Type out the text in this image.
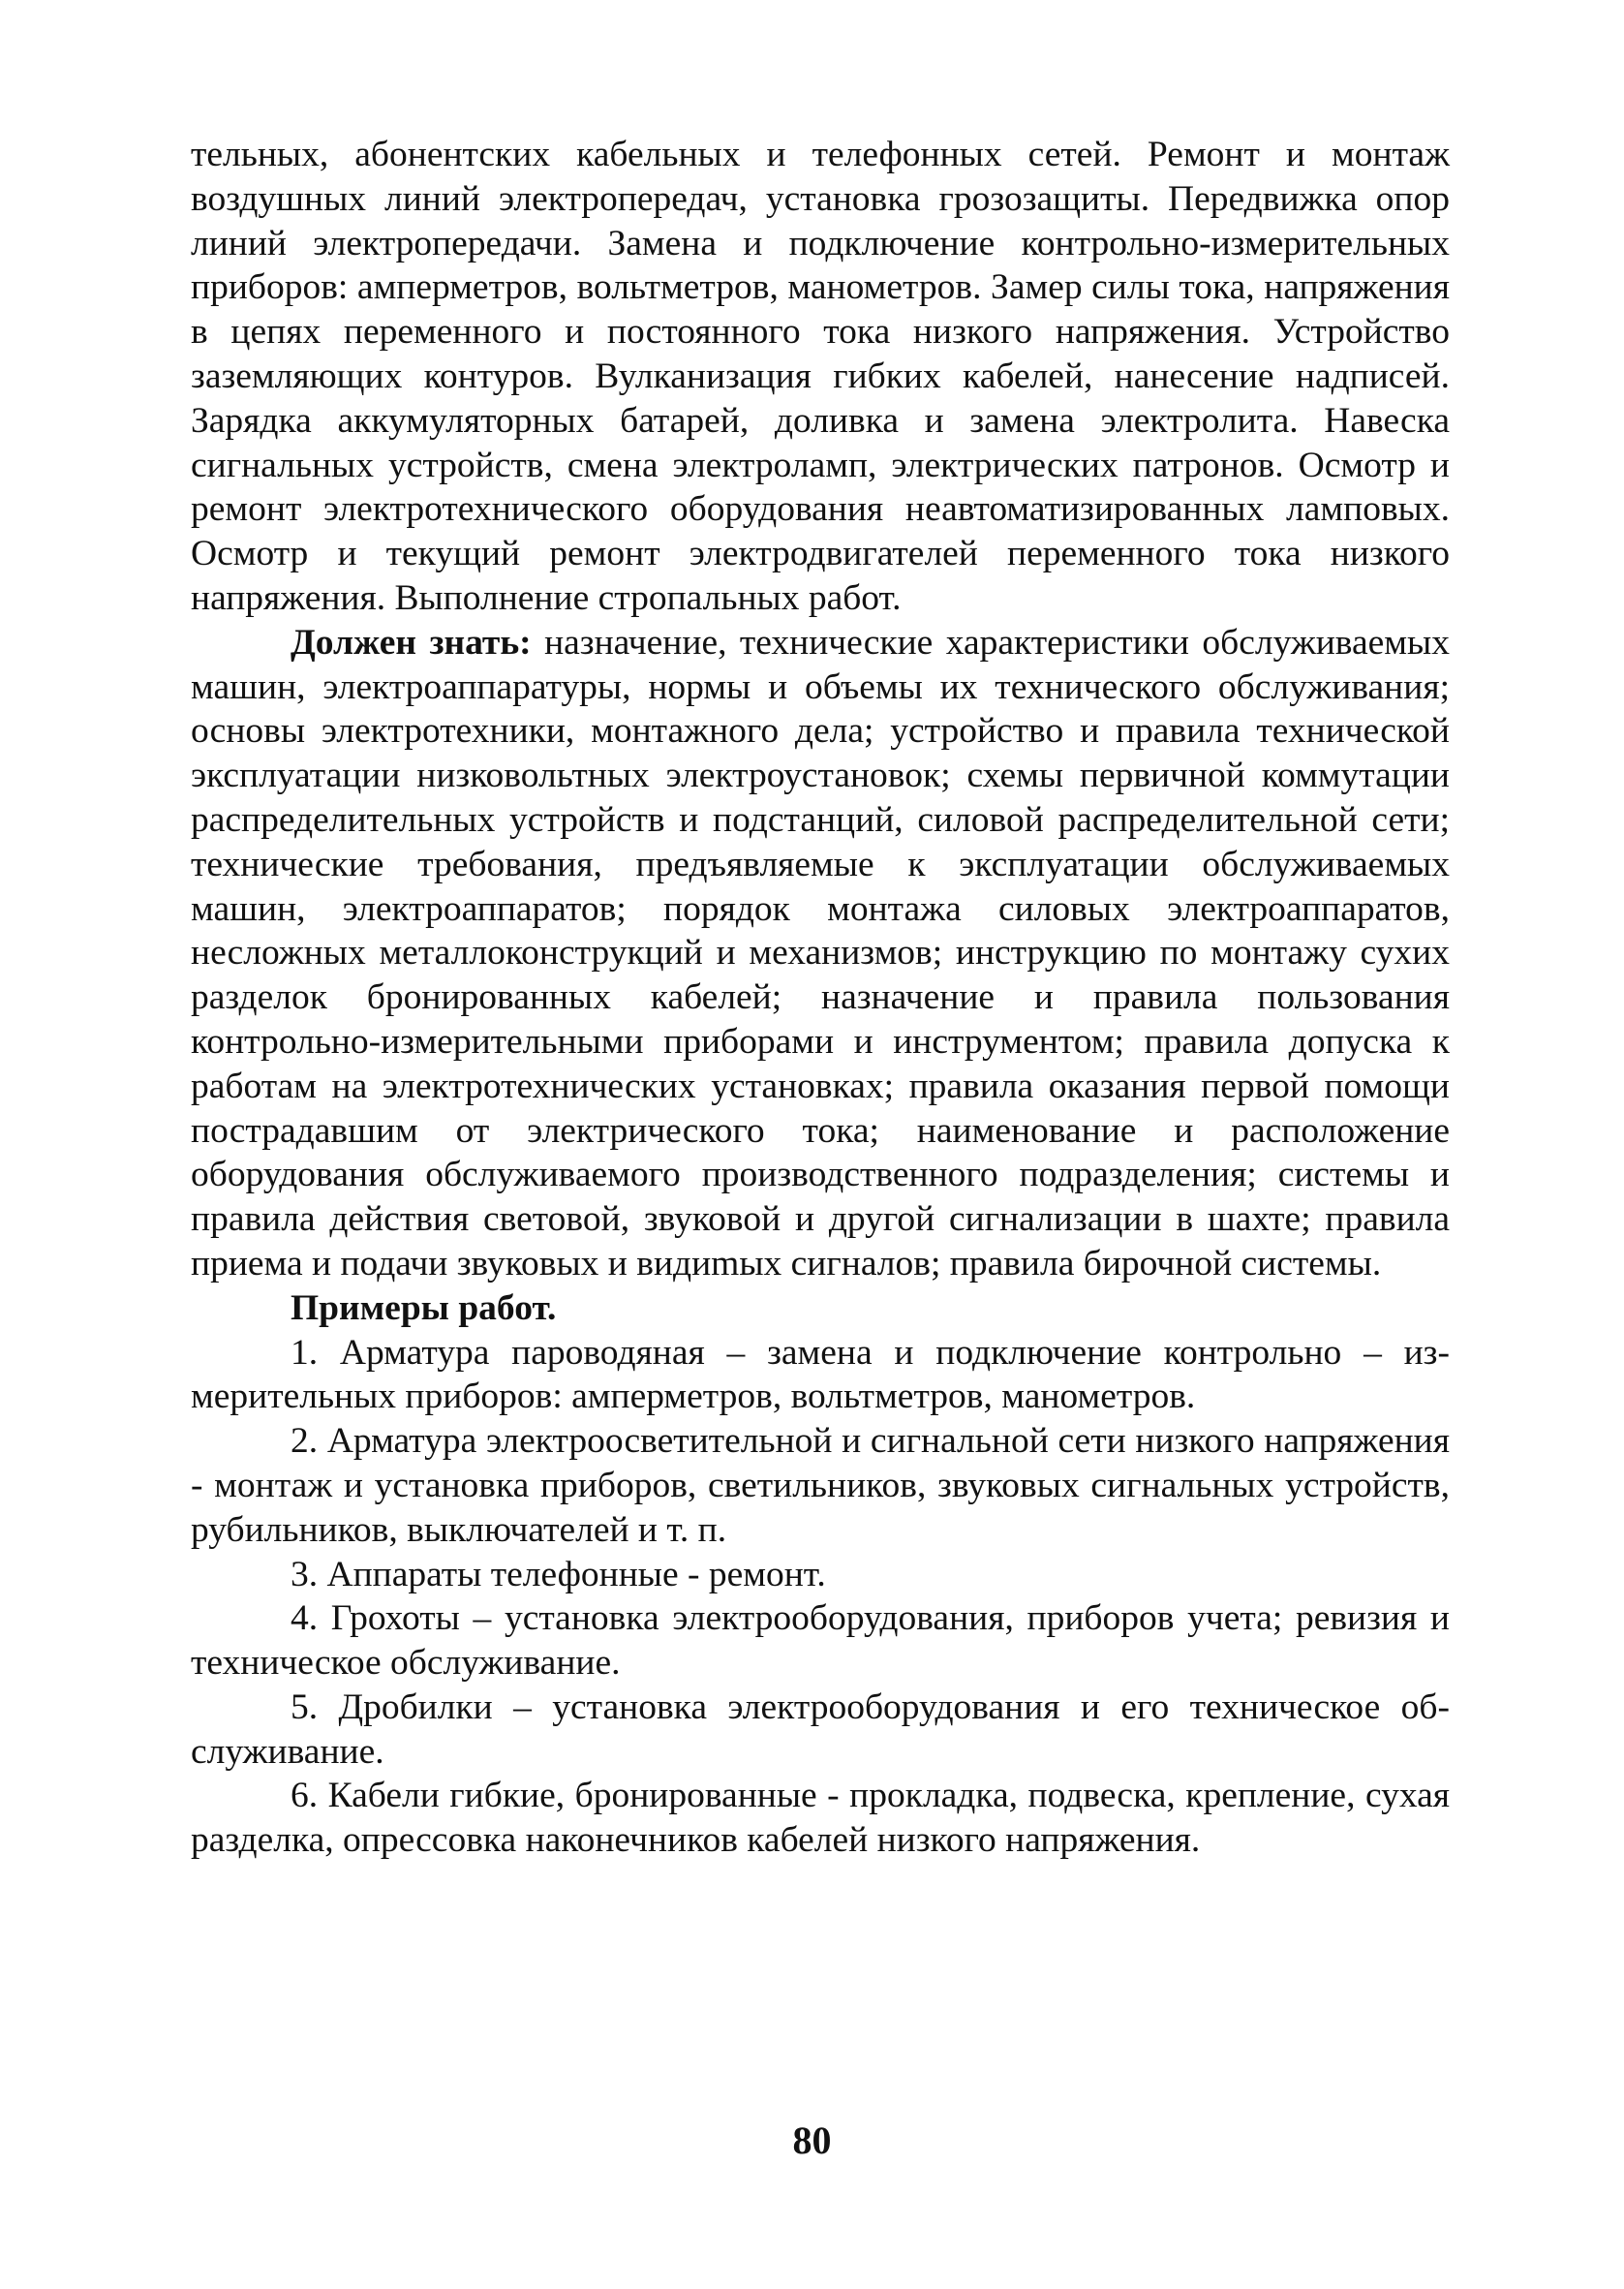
тельных, абонентских кабельных и телефонных сетей. Ремонт и монтаж воздушных линий электропередач, установка грозозащиты. Передвижка опор линий электропередачи. Замена и подключение контрольно-измерительных приборов: амперметров, вольтметров, манометров. Замер силы тока, напряжения в цепях переменного и постоянного тока низкого напряжения. Устройство заземляющих контуров. Вулканизация гибких кабелей, нанесение надписей. Зарядка аккумуляторных батарей, доливка и замена электролита. Навеска сигнальных устройств, смена электроламп, электрических патронов. Осмотр и ремонт электротехнического оборудования неавтоматизированных ламповых. Осмотр и текущий ремонт электродвигателей переменного тока низкого напряжения. Выполнение стропальных работ.

Должен знать: назначение, технические характеристики обслуживаемых машин, электроаппаратуры, нормы и объемы их технического обслуживания; основы электротехники, монтажного дела; устройство и правила технической эксплуатации низковольтных электроустановок; схемы первичной коммутации распределительных устройств и подстанций, силовой распределительной сети; технические требования, предъявляемые к эксплуатации обслуживаемых машин, электроаппаратов; порядок монтажа силовых электроаппаратов, несложных металлоконструкций и механизмов; инструкцию по монтажу сухих разделок бронированных кабелей; назначение и правила пользования контрольно-измерительными приборами и инструментом; правила допуска к работам на электротехнических установках; правила оказания первой помощи пострадавшим от электрического тока; наименование и расположение оборудования обслуживаемого производственного подразделения; системы и правила действия световой, звуковой и другой сигнализации в шахте; правила приема и подачи звуковых и видиmых сигналов; правила бирочной системы.

Примеры работ.

1. Арматура пароводяная – замена и подключение контрольно – измерительных приборов: амперметров, вольтметров, манометров.

2. Арматура электроосветительной и сигнальной сети низкого напряжения - монтаж и установка приборов, светильников, звуковых сигнальных устройств, рубильников, выключателей и т. п.

3. Аппараты телефонные - ремонт.

4. Грохоты – установка электрооборудования, приборов учета; ревизия и техническое обслуживание.

5. Дробилки – установка электрооборудования и его техническое обслуживание.

6. Кабели гибкие, бронированные - прокладка, подвеска, крепление, сухая разделка, опрессовка наконечников кабелей низкого напряжения.

80
